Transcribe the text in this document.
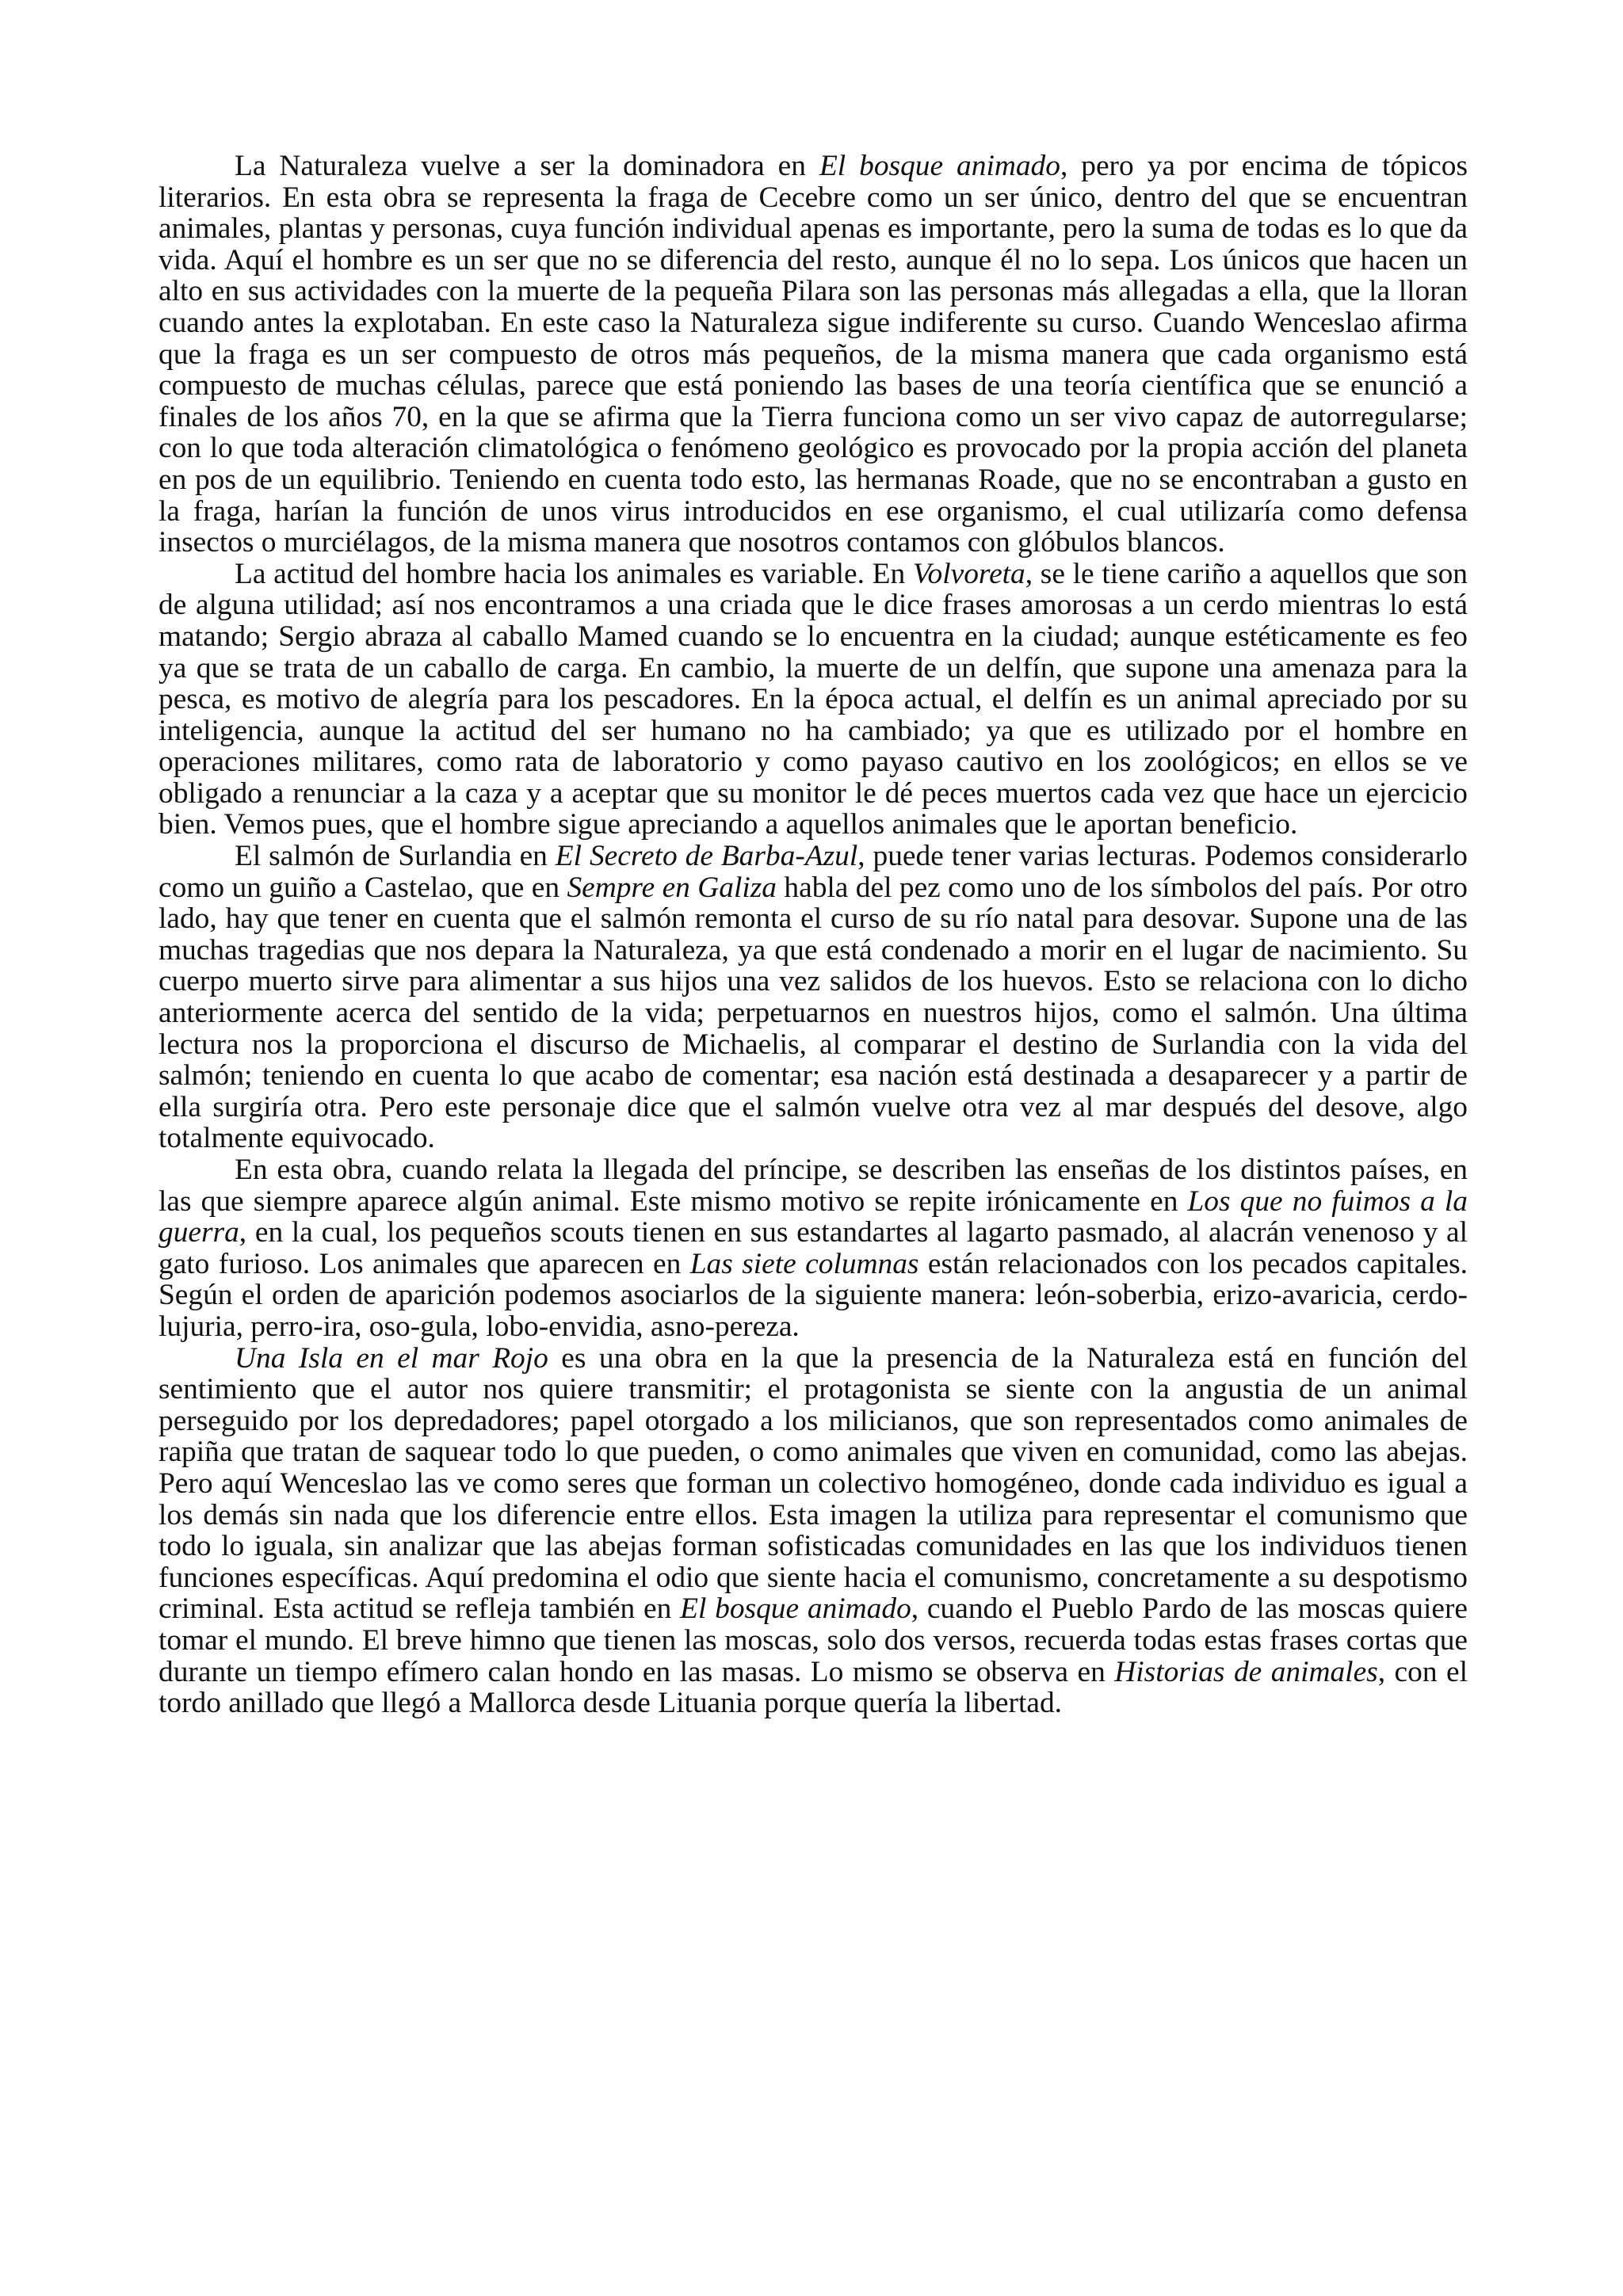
La Naturaleza vuelve a ser la dominadora en El bosque animado, pero ya por encima de tópicos literarios. En esta obra se representa la fraga de Cecebre como un ser único, dentro del que se encuentran animales, plantas y personas, cuya función individual apenas es importante, pero la suma de todas es lo que da vida. Aquí el hombre es un ser que no se diferencia del resto, aunque él no lo sepa. Los únicos que hacen un alto en sus actividades con la muerte de la pequeña Pilara son las personas más allegadas a ella, que la lloran cuando antes la explotaban. En este caso la Naturaleza sigue indiferente su curso. Cuando Wenceslao afirma que la fraga es un ser compuesto de otros más pequeños, de la misma manera que cada organismo está compuesto de muchas células, parece que está poniendo las bases de una teoría científica que se enunció a finales de los años 70, en la que se afirma que la Tierra funciona como un ser vivo capaz de autorregularse; con lo que toda alteración climatológica o fenómeno geológico es provocado por la propia acción del planeta en pos de un equilibrio. Teniendo en cuenta todo esto, las hermanas Roade, que no se encontraban a gusto en la fraga, harían la función de unos virus introducidos en ese organismo, el cual utilizaría como defensa insectos o murciélagos, de la misma manera que nosotros contamos con glóbulos blancos.

La actitud del hombre hacia los animales es variable. En Volvoreta, se le tiene cariño a aquellos que son de alguna utilidad; así nos encontramos a una criada que le dice frases amorosas a un cerdo mientras lo está matando; Sergio abraza al caballo Mamed cuando se lo encuentra en la ciudad; aunque estéticamente es feo ya que se trata de un caballo de carga. En cambio, la muerte de un delfín, que supone una amenaza para la pesca, es motivo de alegría para los pescadores. En la época actual, el delfín es un animal apreciado por su inteligencia, aunque la actitud del ser humano no ha cambiado; ya que es utilizado por el hombre en operaciones militares, como rata de laboratorio y como payaso cautivo en los zoológicos; en ellos se ve obligado a renunciar a la caza y a aceptar que su monitor le dé peces muertos cada vez que hace un ejercicio bien. Vemos pues, que el hombre sigue apreciando a aquellos animales que le aportan beneficio.

El salmón de Surlandia en El Secreto de Barba-Azul, puede tener varias lecturas. Podemos considerarlo como un guiño a Castelao, que en Sempre en Galiza habla del pez como uno de los símbolos del país. Por otro lado, hay que tener en cuenta que el salmón remonta el curso de su río natal para desovar. Supone una de las muchas tragedias que nos depara la Naturaleza, ya que está condenado a morir en el lugar de nacimiento. Su cuerpo muerto sirve para alimentar a sus hijos una vez salidos de los huevos. Esto se relaciona con lo dicho anteriormente acerca del sentido de la vida; perpetuarnos en nuestros hijos, como el salmón. Una última lectura nos la proporciona el discurso de Michaelis, al comparar el destino de Surlandia con la vida del salmón; teniendo en cuenta lo que acabo de comentar; esa nación está destinada a desaparecer y a partir de ella surgiría otra. Pero este personaje dice que el salmón vuelve otra vez al mar después del desove, algo totalmente equivocado.

En esta obra, cuando relata la llegada del príncipe, se describen las enseñas de los distintos países, en las que siempre aparece algún animal. Este mismo motivo se repite irónicamente en Los que no fuimos a la guerra, en la cual, los pequeños scouts tienen en sus estandartes al lagarto pasmado, al alacrán venenoso y al gato furioso. Los animales que aparecen en Las siete columnas están relacionados con los pecados capitales. Según el orden de aparición podemos asociarlos de la siguiente manera: león-soberbia, erizo-avaricia, cerdo-lujuria, perro-ira, oso-gula, lobo-envidia, asno-pereza.

Una Isla en el mar Rojo es una obra en la que la presencia de la Naturaleza está en función del sentimiento que el autor nos quiere transmitir; el protagonista se siente con la angustia de un animal perseguido por los depredadores; papel otorgado a los milicianos, que son representados como animales de rapiña que tratan de saquear todo lo que pueden, o como animales que viven en comunidad, como las abejas. Pero aquí Wenceslao las ve como seres que forman un colectivo homogéneo, donde cada individuo es igual a los demás sin nada que los diferencie entre ellos. Esta imagen la utiliza para representar el comunismo que todo lo iguala, sin analizar que las abejas forman sofisticadas comunidades en las que los individuos tienen funciones específicas. Aquí predomina el odio que siente hacia el comunismo, concretamente a su despotismo criminal. Esta actitud se refleja también en El bosque animado, cuando el Pueblo Pardo de las moscas quiere tomar el mundo. El breve himno que tienen las moscas, solo dos versos, recuerda todas estas frases cortas que durante un tiempo efímero calan hondo en las masas. Lo mismo se observa en Historias de animales, con el tordo anillado que llegó a Mallorca desde Lituania porque quería la libertad.
